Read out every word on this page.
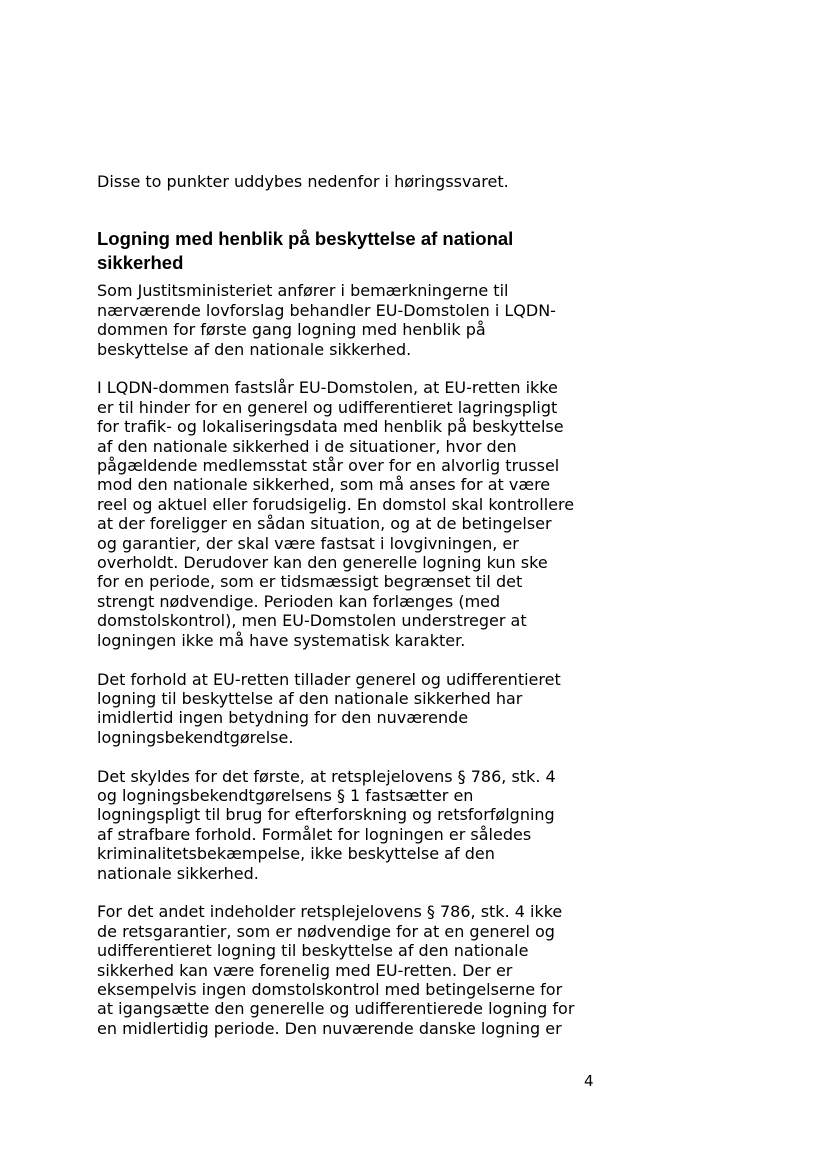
Disse to punkter uddybes nedenfor i høringssvaret.

Logning med henblik på beskyttelse af national
sikkerhed

Som Justitsministeriet anfører i bemærkningerne til
nærværende lovforslag behandler EU-Domstolen i LQDN-
dommen for første gang logning med henblik på
beskyttelse af den nationale sikkerhed.

I LQDN-dommen fastslår EU-Domstolen, at EU-retten ikke
er til hinder for en generel og udifferentieret lagringspligt
for trafik- og lokaliseringsdata med henblik på beskyttelse
af den nationale sikkerhed i de situationer, hvor den
pågældende medlemsstat står over for en alvorlig trussel
mod den nationale sikkerhed, som må anses for at være
reel og aktuel eller forudsigelig. En domstol skal kontrollere
at der foreligger en sådan situation, og at de betingelser
og garantier, der skal være fastsat i lovgivningen, er
overholdt. Derudover kan den generelle logning kun ske
for en periode, som er tidsmæssigt begrænset til det
strengt nødvendige. Perioden kan forlænges (med
domstolskontrol), men EU-Domstolen understreger at
logningen ikke må have systematisk karakter.

Det forhold at EU-retten tillader generel og udifferentieret
logning til beskyttelse af den nationale sikkerhed har
imidlertid ingen betydning for den nuværende
logningsbekendtgørelse.

Det skyldes for det første, at retsplejelovens § 786, stk. 4
og logningsbekendtgørelsens § 1 fastsætter en
logningspligt til brug for efterforskning og retsforfølgning
af strafbare forhold. Formålet for logningen er således
kriminalitetsbekæmpelse, ikke beskyttelse af den
nationale sikkerhed.

For det andet indeholder retsplejelovens § 786, stk. 4 ikke
de retsgarantier, som er nødvendige for at en generel og
udifferentieret logning til beskyttelse af den nationale
sikkerhed kan være forenelig med EU-retten. Der er
eksempelvis ingen domstolskontrol med betingelserne for
at igangsætte den generelle og udifferentierede logning for
en midlertidig periode. Den nuværende danske logning er

4
